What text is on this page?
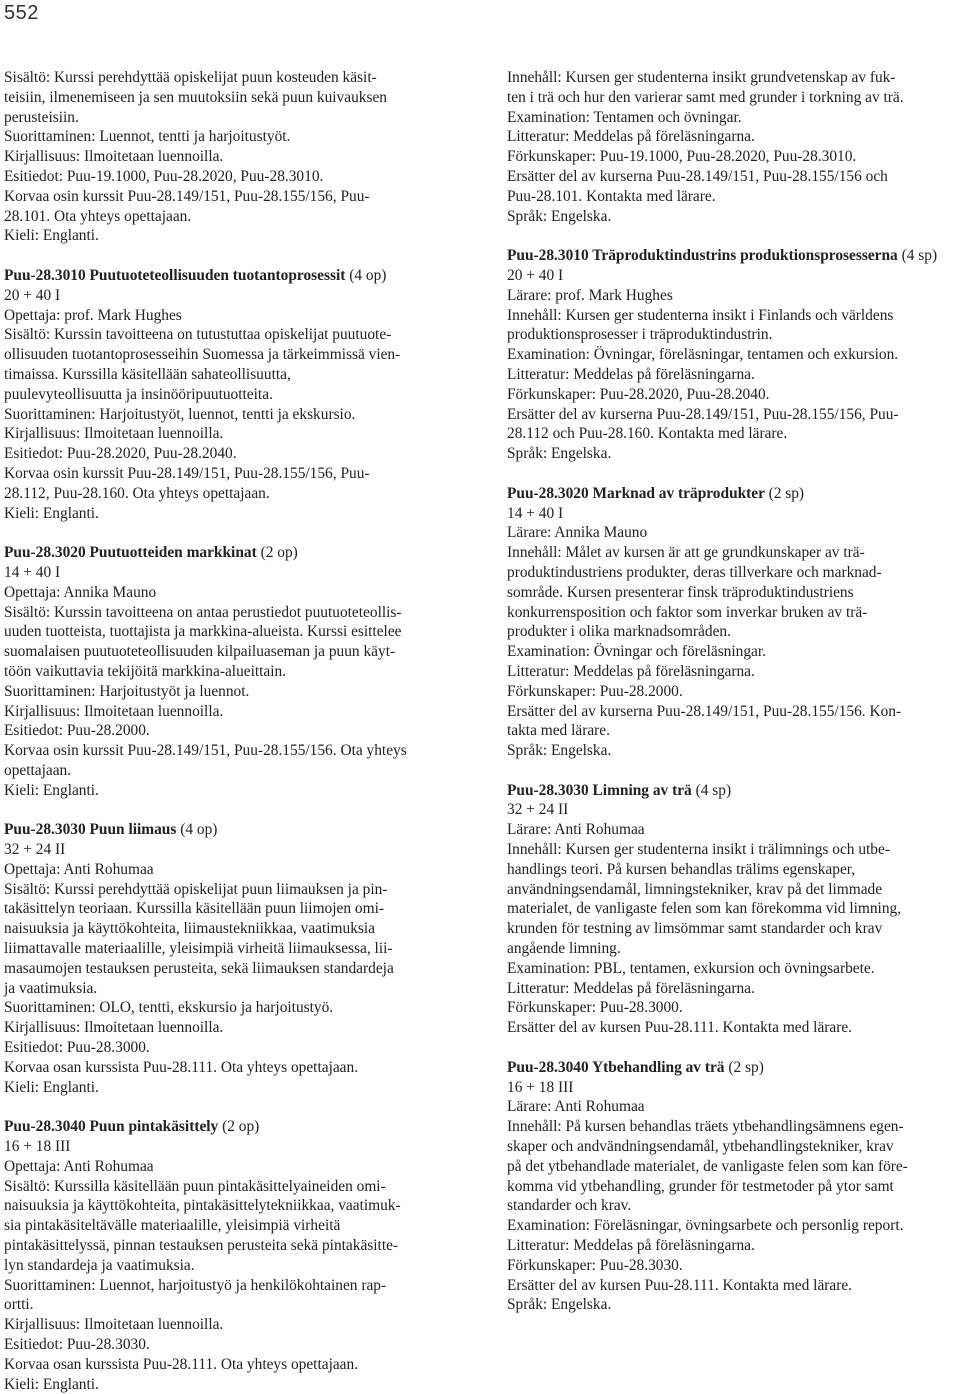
552

Sisältö: Kurssi perehdyttää opiskelijat puun kosteuden käsit-

teisiin, ilmenemiseen ja sen muutoksiin sekä puun kuivauksen

perusteisiin.

Suorittaminen: Luennot, tentti ja harjoitustyöt.

Kirjallisuus: Ilmoitetaan luennoilla.

Esitiedot: Puu-19.1000, Puu-28.2020, Puu-28.3010.

Korvaa osin kurssit Puu-28.149/151, Puu-28.155/156, Puu-

28.101. Ota yhteys opettajaan.

Kieli: Englanti.

Puu-28.3010 Puutuoteteollisuuden tuotantoprosessit (4 op)

20 + 40 I

Opettaja: prof. Mark Hughes

Sisältö: Kurssin tavoitteena on tutustuttaa opiskelijat puutuote-

ollisuuden tuotantoprosesseihin Suomessa ja tärkeimmissä vien-

timaissa. Kurssilla käsitellään sahateollisuutta,

puulevyteollisuutta ja insinööripuutuotteita.

Suorittaminen: Harjoitustyöt, luennot, tentti ja ekskursio.

Kirjallisuus: Ilmoitetaan luennoilla.

Esitiedot: Puu-28.2020, Puu-28.2040.

Korvaa osin kurssit Puu-28.149/151, Puu-28.155/156, Puu-

28.112, Puu-28.160. Ota yhteys opettajaan.

Kieli: Englanti.

Puu-28.3020 Puutuotteiden markkinat (2 op)

14 + 40 I

Opettaja: Annika Mauno

Sisältö: Kurssin tavoitteena on antaa perustiedot puutuoteteollis-

uuden tuotteista, tuottajista ja markkina-alueista. Kurssi esittelee

suomalaisen puutuoteteollisuuden kilpailuaseman ja puun käyt-

töön vaikuttavia tekijöitä markkina-alueittain.

Suorittaminen: Harjoitustyöt ja luennot.

Kirjallisuus: Ilmoitetaan luennoilla.

Esitiedot: Puu-28.2000.

Korvaa osin kurssit Puu-28.149/151, Puu-28.155/156. Ota yhteys

opettajaan.

Kieli: Englanti.

Puu-28.3030 Puun liimaus (4 op)

32 + 24 II

Opettaja: Anti Rohumaa

Sisältö: Kurssi perehdyttää opiskelijat puun liimauksen ja pin-

takäsittelyn teoriaan. Kurssilla käsitellään puun liimojen omi-

naisuuksia ja käyttökohteita, liimaustekniikkaa, vaatimuksia

liimattavalle materiaalille, yleisimpiä virheitä liimauksessa, lii-

masaumojen testauksen perusteita, sekä liimauksen standardeja

ja vaatimuksia.

Suorittaminen: OLO, tentti, ekskursio ja harjoitustyö.

Kirjallisuus: Ilmoitetaan luennoilla.

Esitiedot: Puu-28.3000.

Korvaa osan kurssista Puu-28.111. Ota yhteys opettajaan.

Kieli: Englanti.

Puu-28.3040 Puun pintakäsittely (2 op)

16 + 18 III

Opettaja: Anti Rohumaa

Sisältö: Kurssilla käsitellään puun pintakäsittelyaineiden omi-

naisuuksia ja käyttökohteita, pintakäsittelytekniikkaa, vaatimuk-

sia pintakäsiteltävälle materiaalille, yleisimpiä virheitä

pintakäsittelyssä, pinnan testauksen perusteita sekä pintakäsitte-

lyn standardeja ja vaatimuksia.

Suorittaminen: Luennot, harjoitustyö ja henkilökohtainen rap-

ortti.

Kirjallisuus: Ilmoitetaan luennoilla.

Esitiedot: Puu-28.3030.

Korvaa osan kurssista Puu-28.111. Ota yhteys opettajaan.

Kieli: Englanti.

Innehåll: Kursen ger studenterna insikt grundvetenskap av fuk-

ten i trä och hur den varierar samt med grunder i torkning av trä.

Examination: Tentamen och övningar.

Litteratur: Meddelas på föreläsningarna.

Förkunskaper: Puu-19.1000, Puu-28.2020, Puu-28.3010.

Ersätter del av kurserna Puu-28.149/151, Puu-28.155/156 och

Puu-28.101. Kontakta med lärare.

Språk: Engelska.

Puu-28.3010 Träproduktindustrins produktionsprosesserna (4 sp)

20 + 40 I

Lärare: prof. Mark Hughes

Innehåll: Kursen ger studenterna insikt i Finlands och världens

produktionsprosesser i träproduktindustrin.

Examination: Övningar, föreläsningar, tentamen och exkursion.

Litteratur: Meddelas på föreläsningarna.

Förkunskaper: Puu-28.2020, Puu-28.2040.

Ersätter del av kurserna Puu-28.149/151, Puu-28.155/156, Puu-

28.112 och Puu-28.160. Kontakta med lärare.

Språk: Engelska.

Puu-28.3020 Marknad av träprodukter (2 sp)

14 + 40 I

Lärare: Annika Mauno

Innehåll: Målet av kursen är att ge grundkunskaper av trä-

produktindustriens produkter, deras tillverkare och marknad-

sområde. Kursen presenterar finsk träproduktindustriens

konkurrensposition och faktor som inverkar bruken av trä-

produkter i olika marknadsområden.

Examination: Övningar och föreläsningar.

Litteratur: Meddelas på föreläsningarna.

Förkunskaper: Puu-28.2000.

Ersätter del av kurserna Puu-28.149/151, Puu-28.155/156. Kon-

takta med lärare.

Språk: Engelska.

Puu-28.3030 Limning av trä (4 sp)

32 + 24 II

Lärare: Anti Rohumaa

Innehåll: Kursen ger studenterna insikt i trälimnings och utbe-

handlings teori. På kursen behandlas trälims egenskaper,

användningsendamål, limningstekniker, krav på det limmade

materialet, de vanligaste felen som kan förekomma vid limning,

krunden för testning av limsömmar samt standarder och krav

angående limning.

Examination: PBL, tentamen, exkursion och övningsarbete.

Litteratur: Meddelas på föreläsningarna.

Förkunskaper: Puu-28.3000.

Ersätter del av kursen Puu-28.111. Kontakta med lärare.

Puu-28.3040 Ytbehandling av trä (2 sp)

16 + 18 III

Lärare: Anti Rohumaa

Innehåll: På kursen behandlas träets ytbehandlingsämnens egen-

skaper och andvändningsendamål, ytbehandlingstekniker, krav

på det ytbehandlade materialet, de vanligaste felen som kan före-

komma vid ytbehandling, grunder för testmetoder på ytor samt

standarder och krav.

Examination: Föreläsningar, övningsarbete och personlig report.

Litteratur: Meddelas på föreläsningarna.

Förkunskaper: Puu-28.3030.

Ersätter del av kursen Puu-28.111. Kontakta med lärare.

Språk: Engelska.
